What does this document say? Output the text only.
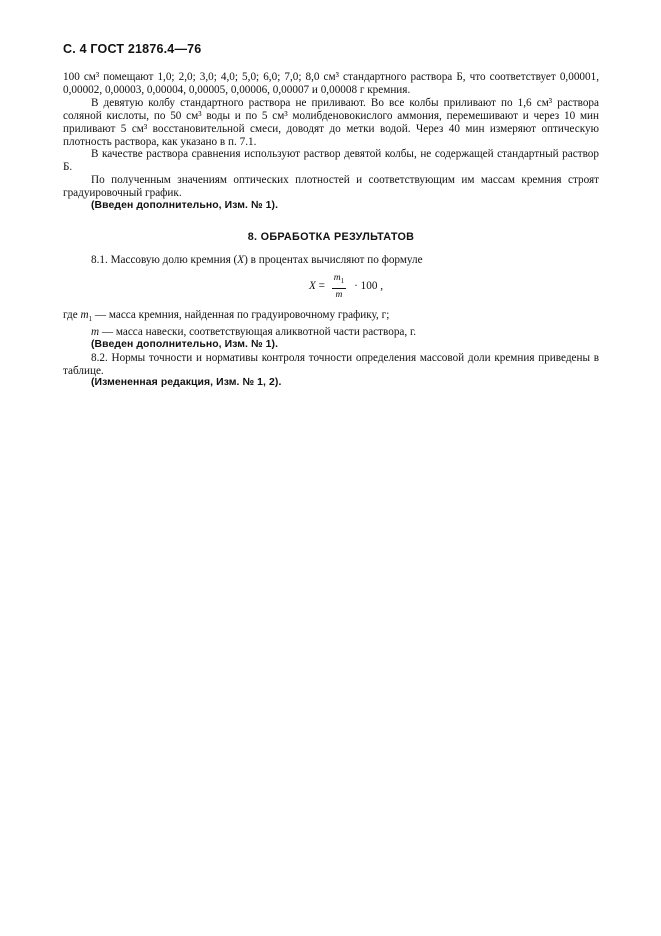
С. 4 ГОСТ 21876.4—76

100 см³ помещают 1,0; 2,0; 3,0; 4,0; 5,0; 6,0; 7,0; 8,0 см³ стандартного раствора Б, что соответствует 0,00001, 0,00002, 0,00003, 0,00004, 0,00005, 0,00006, 0,00007 и 0,00008 г кремния.

В девятую колбу стандартного раствора не приливают. Во все колбы приливают по 1,6 см³ раствора соляной кислоты, по 50 см³ воды и по 5 см³ молибденовокислого аммония, перемешивают и через 10 мин приливают 5 см³ восстановительной смеси, доводят до метки водой. Через 40 мин измеряют оптическую плотность раствора, как указано в п. 7.1.

В качестве раствора сравнения используют раствор девятой колбы, не содержащей стандартный раствор Б.

По полученным значениям оптических плотностей и соответствующим им массам кремния строят градуировочный график.

(Введен дополнительно, Изм. № 1).

8. ОБРАБОТКА РЕЗУЛЬТАТОВ

8.1. Массовую долю кремния (X) в процентах вычисляют по формуле

$X = \frac{m_1}{m} \cdot 100$ ,

где $m_1$ — масса кремния, найденная по градуировочному графику, г;

m — масса навески, соответствующая аликвотной части раствора, г.

(Введен дополнительно, Изм. № 1).

8.2. Нормы точности и нормативы контроля точности определения массовой доли кремния приведены в таблице.

(Измененная редакция, Изм. № 1, 2).
